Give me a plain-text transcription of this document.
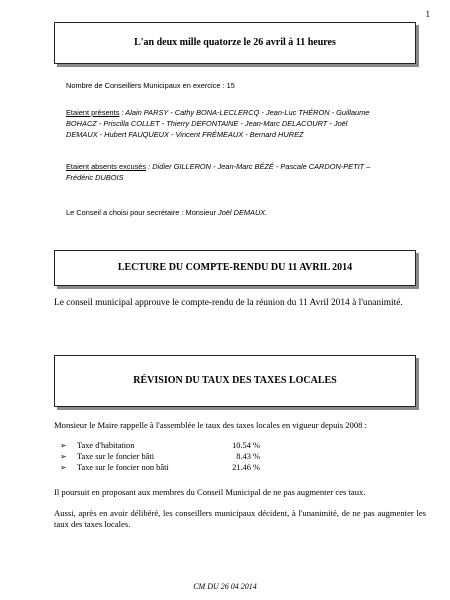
1
L'an deux mille quatorze le 26 avril à 11 heures
Nombre de Conseillers Municipaux en exercice : 15
Etaient présents : Alain PARSY - Cathy BONA-LECLERCQ - Jean-Luc THÉRON - Guillaume
BOHACZ - Priscilla COLLET - Thierry DEFONTAINE - Jean-Marc DELACOURT - Joël
DEMAUX - Hubert FAUQUEUX - Vincent FRÉMEAUX - Bernard HUREZ
Etaient absents excusés : Didier GILLERON - Jean-Marc BÉZÉ - Pascale CARDON-PETIT –
Frédéric DUBOIS
Le Conseil a choisi pour secrétaire : Monsieur Joël DEMAUX.
LECTURE DU COMPTE-RENDU DU 11 AVRIL 2014
Le conseil municipal approuve le compte-rendu de la réunion du 11 Avril 2014 à l'unanimité.
RÉVISION DU TAUX DES TAXES LOCALES
Monsieur le Maire rappelle à l'assemblée le taux des taxes locales en vigueur depuis 2008 :
➢ Taxe d'habitation	10.54 %
➢ Taxe sur le foncier bâti	8.43 %
➢ Taxe sur le foncier non bâti	21.46 %
Il poursuit en proposant aux membres du Conseil Municipal de ne pas augmenter ces taux.
Aussi, après en avoir délibéré, les conseillers municipaux décident, à l'unanimité, de ne pas augmenter les taux des taxes locales.
CM DU 26 04 2014
